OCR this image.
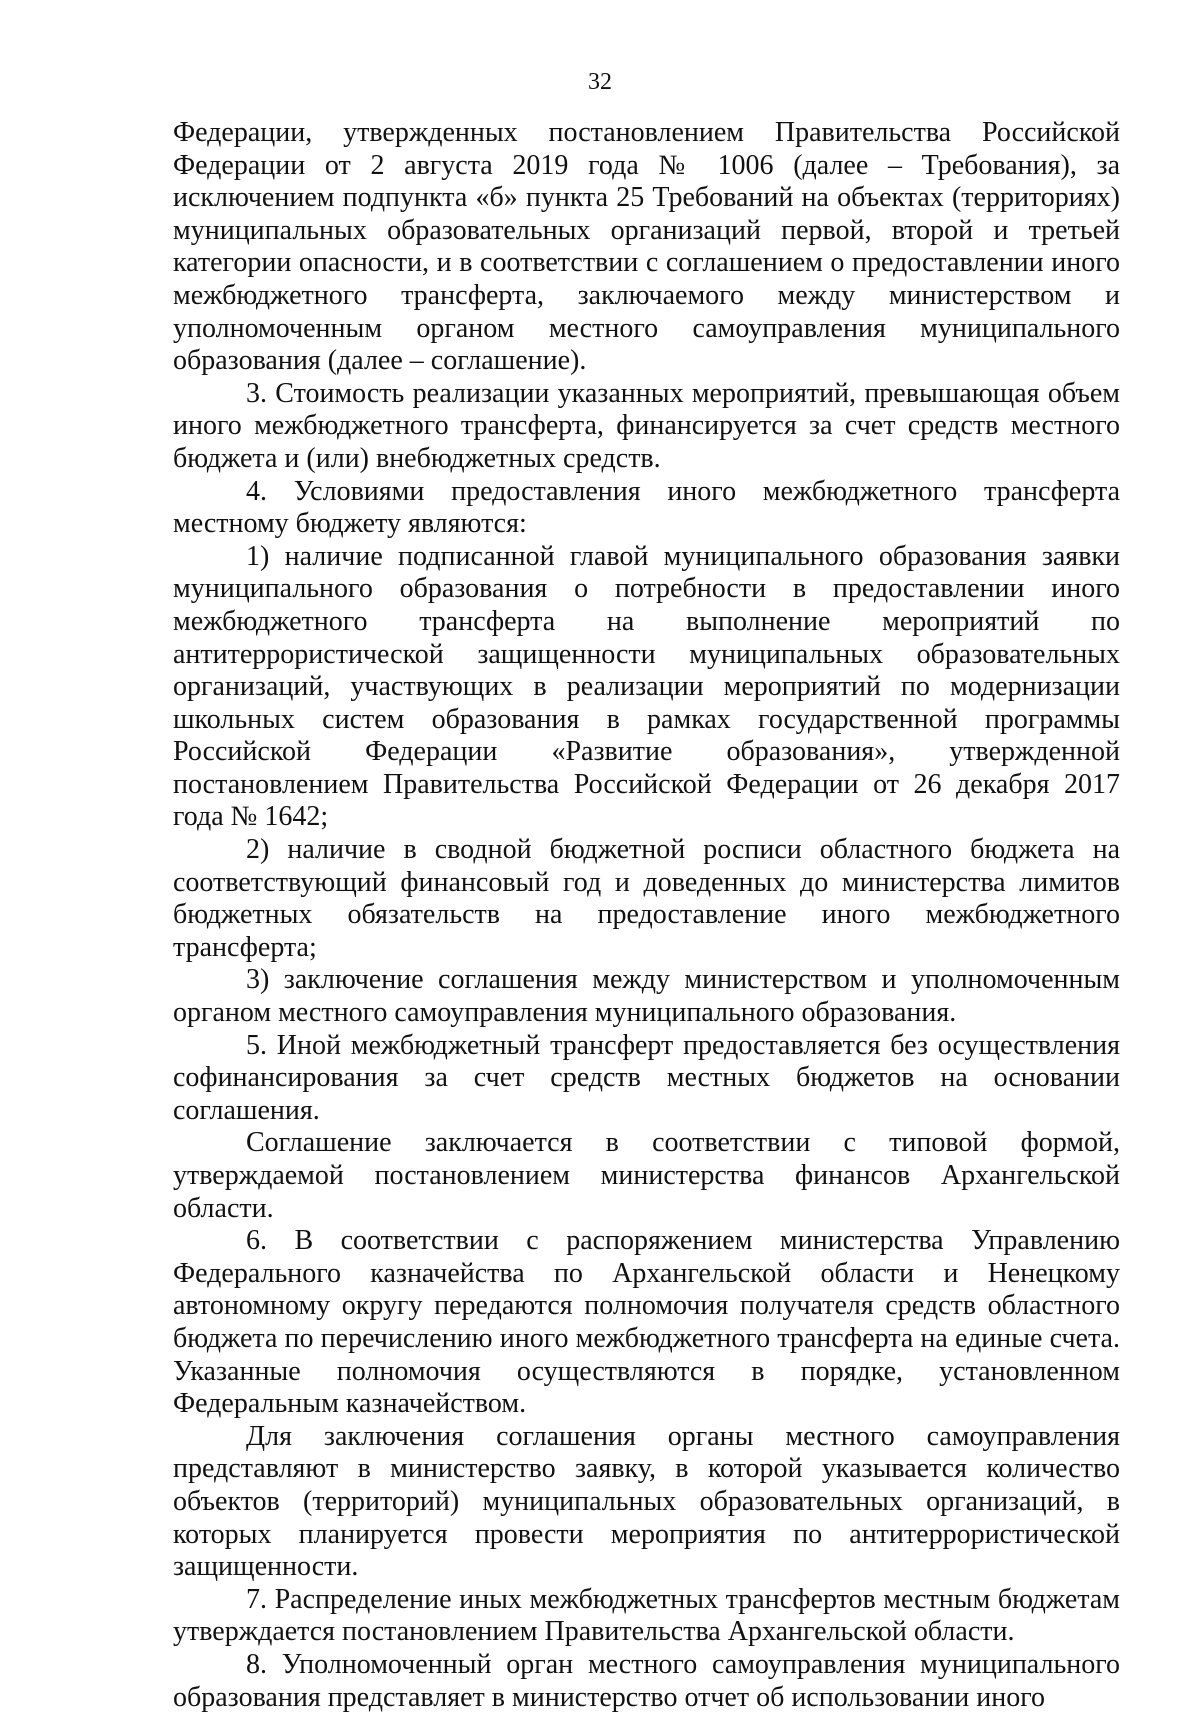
32

Федерации, утвержденных постановлением Правительства Российской Федерации от 2 августа 2019 года № 1006 (далее – Требования), за исключением подпункта «б» пункта 25 Требований на объектах (территориях) муниципальных образовательных организаций первой, второй и третьей категории опасности, и в соответствии с соглашением о предоставлении иного межбюджетного трансферта, заключаемого между министерством и уполномоченным органом местного самоуправления муниципального образования (далее – соглашение).

3. Стоимость реализации указанных мероприятий, превышающая объем иного межбюджетного трансферта, финансируется за счет средств местного бюджета и (или) внебюджетных средств.

4. Условиями предоставления иного межбюджетного трансферта местному бюджету являются:

1) наличие подписанной главой муниципального образования заявки муниципального образования о потребности в предоставлении иного межбюджетного трансферта на выполнение мероприятий по антитеррористической защищенности муниципальных образовательных организаций, участвующих в реализации мероприятий по модернизации школьных систем образования в рамках государственной программы Российской Федерации «Развитие образования», утвержденной постановлением Правительства Российской Федерации от 26 декабря 2017 года № 1642;

2) наличие в сводной бюджетной росписи областного бюджета на соответствующий финансовый год и доведенных до министерства лимитов бюджетных обязательств на предоставление иного межбюджетного трансферта;

3) заключение соглашения между министерством и уполномоченным органом местного самоуправления муниципального образования.

5. Иной межбюджетный трансферт предоставляется без осуществления софинансирования за счет средств местных бюджетов на основании соглашения.

Соглашение заключается в соответствии с типовой формой, утверждаемой постановлением министерства финансов Архангельской области.

6. В соответствии с распоряжением министерства Управлению Федерального казначейства по Архангельской области и Ненецкому автономному округу передаются полномочия получателя средств областного бюджета по перечислению иного межбюджетного трансферта на единые счета. Указанные полномочия осуществляются в порядке, установленном Федеральным казначейством.

Для заключения соглашения органы местного самоуправления представляют в министерство заявку, в которой указывается количество объектов (территорий) муниципальных образовательных организаций, в которых планируется провести мероприятия по антитеррористической защищенности.

7. Распределение иных межбюджетных трансфертов местным бюджетам утверждается постановлением Правительства Архангельской области.

8. Уполномоченный орган местного самоуправления муниципального образования представляет в министерство отчет об использовании иного
